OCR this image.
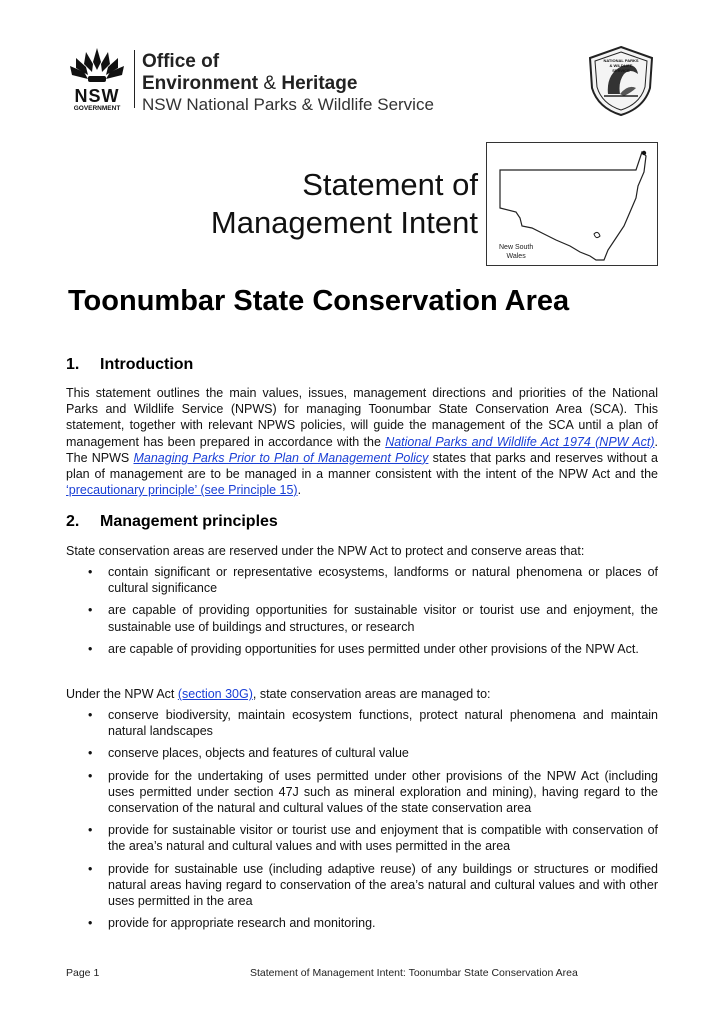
NSW
GOVERNMENT
Office of
Environment & Heritage
NSW National Parks & Wildlife Service
NATIONAL PARKS & WILDLIFE SERVICE
Statement of
Management Intent
New South
Wales
Toonumbar State Conservation Area
1. Introduction
This statement outlines the main values, issues, management directions and priorities of the National Parks and Wildlife Service (NPWS) for managing Toonumbar State Conservation Area (SCA). This statement, together with relevant NPWS policies, will guide the management of the SCA until a plan of management has been prepared in accordance with the National Parks and Wildlife Act 1974 (NPW Act). The NPWS Managing Parks Prior to Plan of Management Policy states that parks and reserves without a plan of management are to be managed in a manner consistent with the intent of the NPW Act and the ‘precautionary principle’ (see Principle 15).
2. Management principles
State conservation areas are reserved under the NPW Act to protect and conserve areas that:
• contain significant or representative ecosystems, landforms or natural phenomena or places of cultural significance
• are capable of providing opportunities for sustainable visitor or tourist use and enjoyment, the sustainable use of buildings and structures, or research
• are capable of providing opportunities for uses permitted under other provisions of the NPW Act.
Under the NPW Act (section 30G), state conservation areas are managed to:
• conserve biodiversity, maintain ecosystem functions, protect natural phenomena and maintain natural landscapes
• conserve places, objects and features of cultural value
• provide for the undertaking of uses permitted under other provisions of the NPW Act (including uses permitted under section 47J such as mineral exploration and mining), having regard to the conservation of the natural and cultural values of the state conservation area
• provide for sustainable visitor or tourist use and enjoyment that is compatible with conservation of the area’s natural and cultural values and with uses permitted in the area
• provide for sustainable use (including adaptive reuse) of any buildings or structures or modified natural areas having regard to conservation of the area’s natural and cultural values and with other uses permitted in the area
• provide for appropriate research and monitoring.
Page 1	Statement of Management Intent: Toonumbar State Conservation Area
